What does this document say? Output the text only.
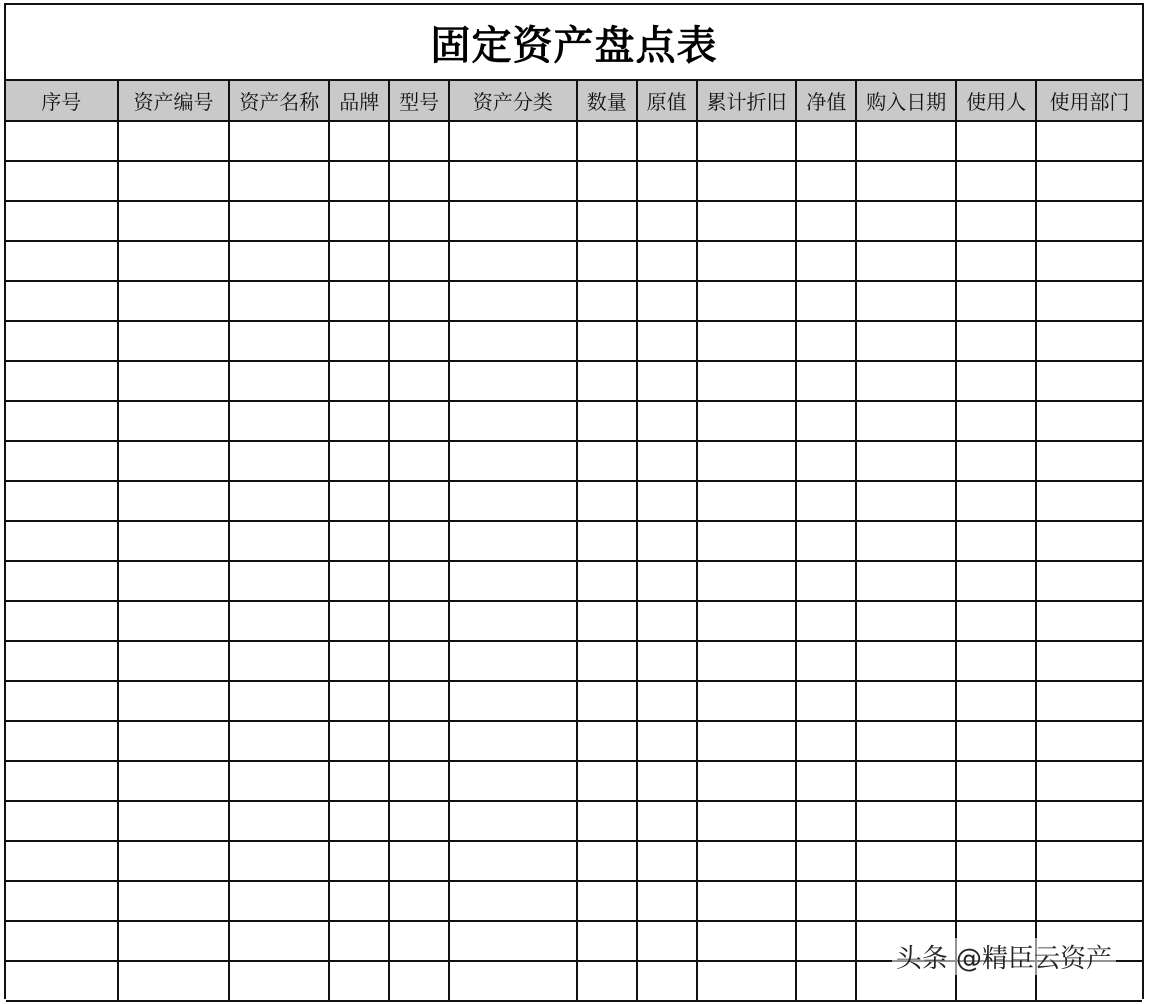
固定资产盘点表
序号	资产编号	资产名称	品牌	型号	资产分类	数量	原值	累计折旧	净值	购入日期	使用人	使用部门

头条 @精臣云资产
